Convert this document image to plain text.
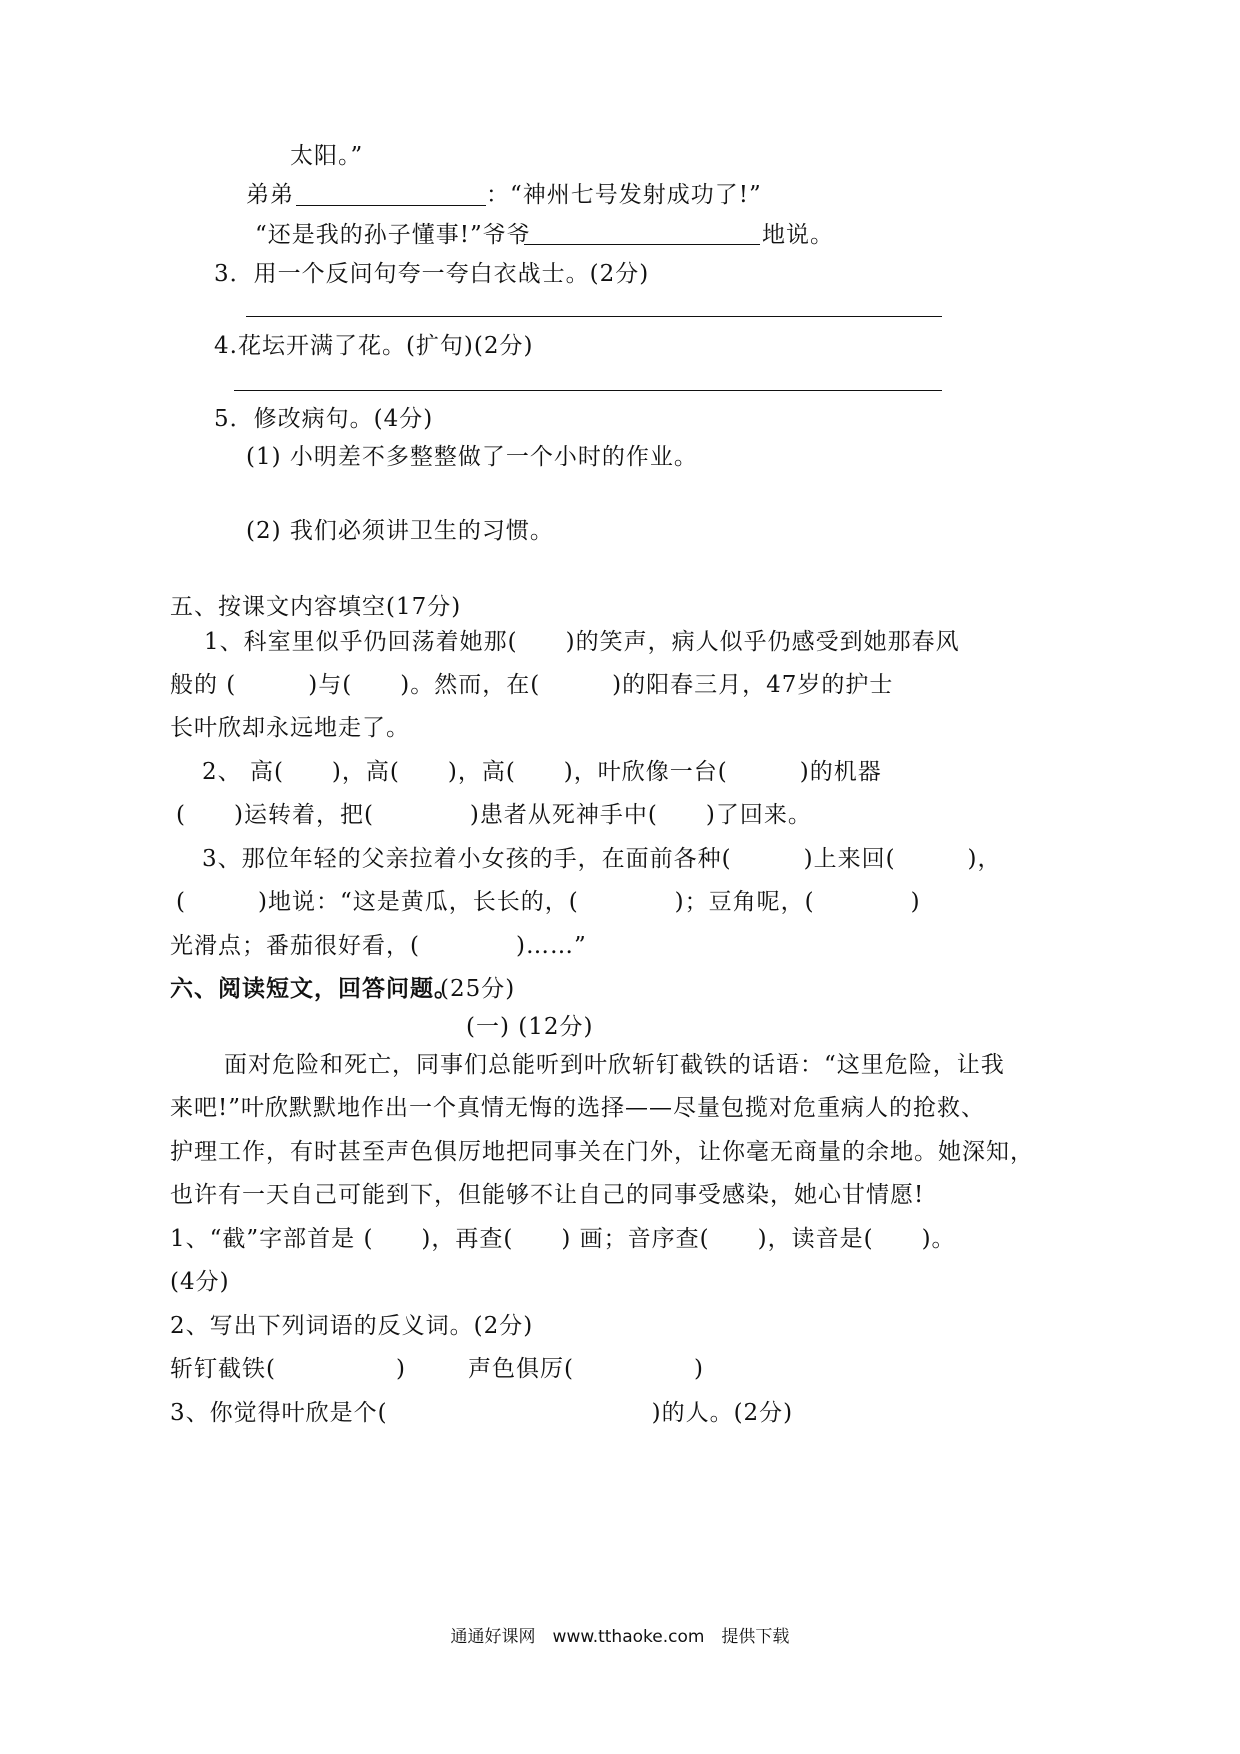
太阳。”
弟弟	：“神州七号发射成功了!”
“还是我的孙子懂事!”爷爷	地说。
3．用一个反问句夸一夸白衣战士。(2分)
4.花坛开满了花。(扩句)(2分)
5．修改病句。(4分)
(1) 小明差不多整整做了一个小时的作业。
(2) 我们必须讲卫生的习惯。
五、按课文内容填空(17分)
1、科室里似乎仍回荡着她那(　　)的笑声，病人似乎仍感受到她那春风
般的 (　　　)与(　　)。然而，在(　　　)的阳春三月，47岁的护士
长叶欣却永远地走了。
2、 高(　　)，高(　　)，高(　　)，叶欣像一台(　　　)的机器
(　　)运转着，把(　　　　)患者从死神手中(　　)了回来。
3、那位年轻的父亲拉着小女孩的手，在面前各种(　　　)上来回(　　　)，
(　　　)地说：“这是黄瓜，长长的，(　　　　)；豆角呢，(　　　　)
光滑点；番茄很好看，(　　　　)……”
六、阅读短文，回答问题。
(25分)
(一) (12分)
面对危险和死亡，同事们总能听到叶欣斩钉截铁的话语：“这里危险，让我
来吧!”叶欣默默地作出一个真情无悔的选择——尽量包揽对危重病人的抢救、
护理工作，有时甚至声色俱厉地把同事关在门外，让你毫无商量的余地。她深知，
也许有一天自己可能到下，但能够不让自己的同事受感染，她心甘情愿!
1、“截”字部首是 (　　)，再查(　　) 画；音序查(　　)，读音是(　　)。
(4分)
2、写出下列词语的反义词。(2分)
斩钉截铁(　　　　　)	声色俱厉(　　　　　)
3、你觉得叶欣是个(　　　　　　　　　　　)的人。(2分)
通通好课网　www.tthaoke.com　提供下载
